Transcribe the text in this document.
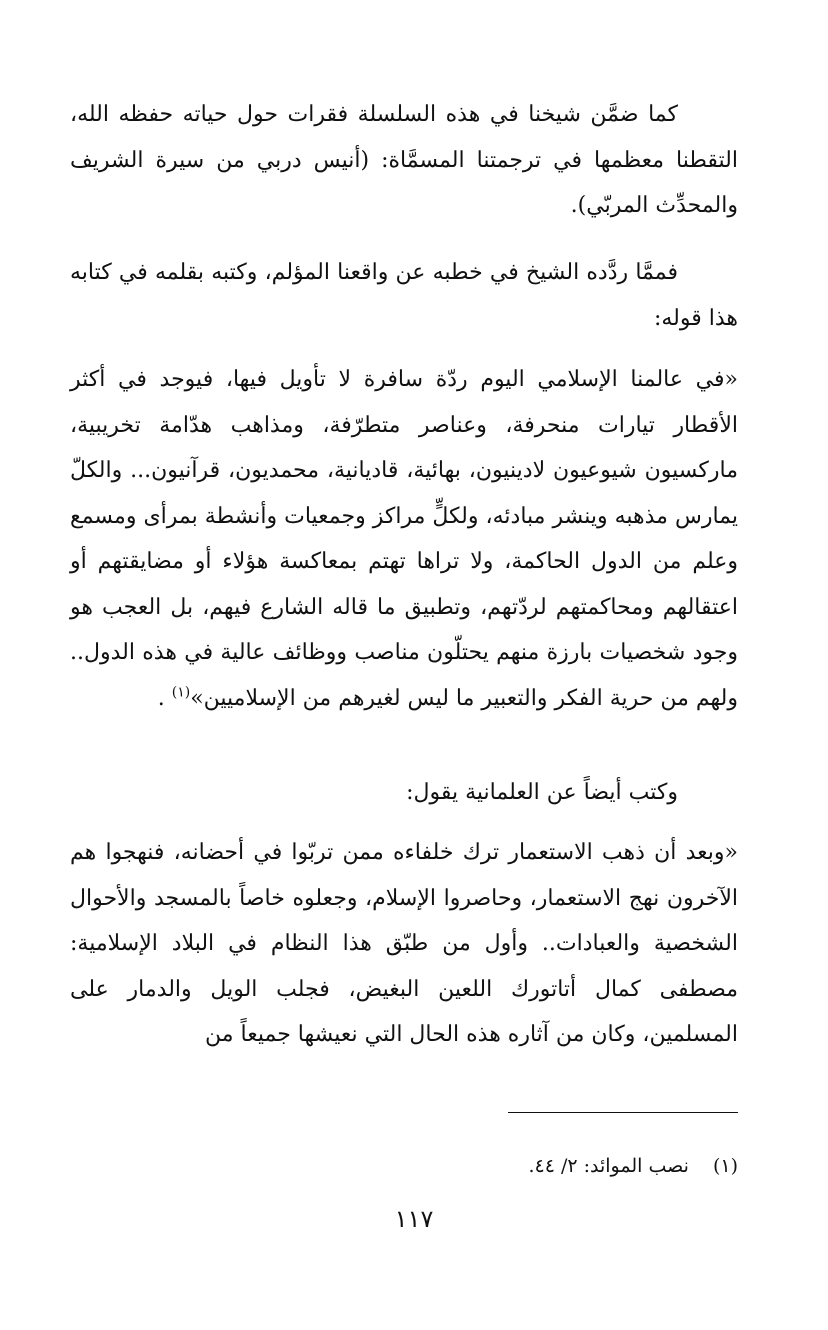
كما ضمَّن شيخنا في هذه السلسلة فقرات حول حياته حفظه الله، التقطنا معظمها في ترجمتنا المسمَّاة: (أنيس دربي من سيرة الشريف والمحدِّث المربّي).

فممَّا ردَّده الشيخ في خطبه عن واقعنا المؤلم، وكتبه بقلمه في كتابه هذا قوله:

«في عالمنا الإسلامي اليوم ردّة سافرة لا تأويل فيها، فيوجد في أكثر الأقطار تيارات منحرفة، وعناصر متطرّفة، ومذاهب هدّامة تخريبية، ماركسيون شيوعيون لادينيون، بهائية، قاديانية، محمديون، قرآنيون... والكلّ يمارس مذهبه وينشر مبادئه، ولكلٍّ مراكز وجمعيات وأنشطة بمرأى ومسمع وعلم من الدول الحاكمة، ولا تراها تهتم بمعاكسة هؤلاء أو مضايقتهم أو اعتقالهم ومحاكمتهم لردّتهم، وتطبيق ما قاله الشارع فيهم، بل العجب هو وجود شخصيات بارزة منهم يحتلّون مناصب ووظائف عالية في هذه الدول.. ولهم من حرية الفكر والتعبير ما ليس لغيرهم من الإسلاميين»$^{(١)}$ .

وكتب أيضاً عن العلمانية يقول:

«وبعد أن ذهب الاستعمار ترك خلفاءه ممن تربّوا في أحضانه، فنهجوا هم الآخرون نهج الاستعمار، وحاصروا الإسلام، وجعلوه خاصاً بالمسجد والأحوال الشخصية والعبادات.. وأول من طبّق هذا النظام في البلاد الإسلامية: مصطفى كمال أتاتورك اللعين البغيض، فجلب الويل والدمار على المسلمين، وكان من آثاره هذه الحال التي نعيشها جميعاً من

(١) نصب الموائد: ٢/ ٤٤.
١١٧
